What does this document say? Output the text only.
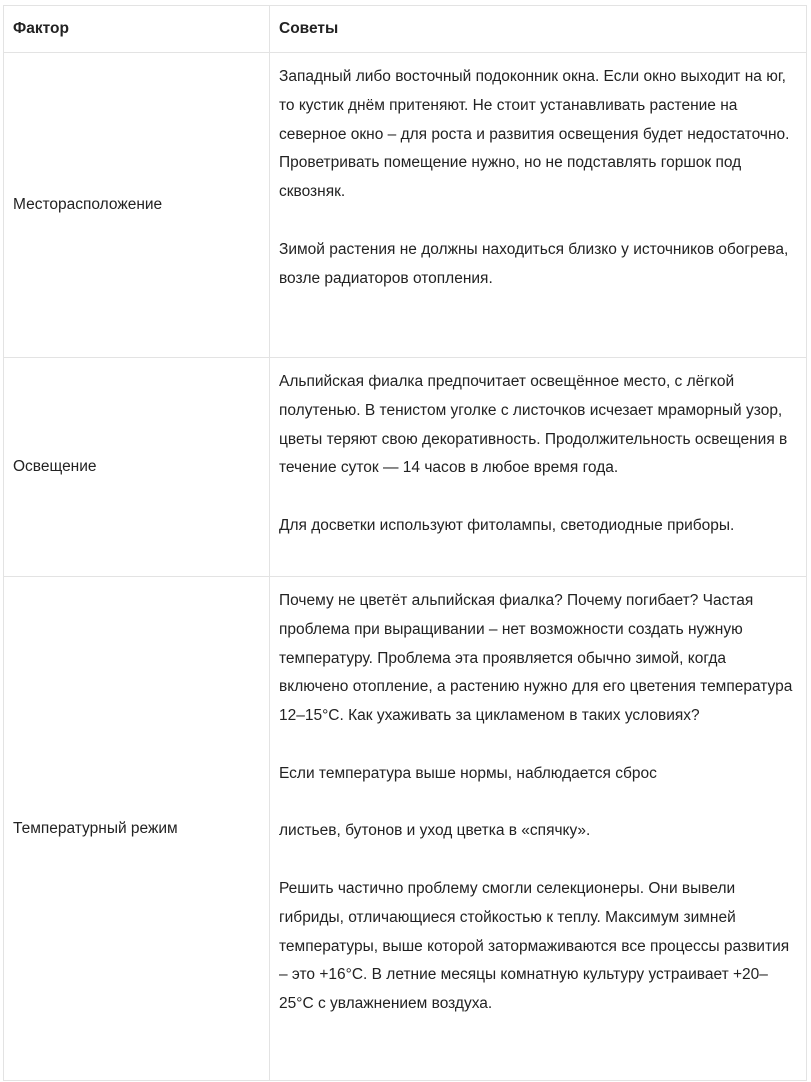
Фактор	Советы
Месторасположение

Западный либо восточный подоконник окна. Если окно выходит на юг, то кустик днём притеняют. Не стоит устанавливать растение на северное окно – для роста и развития освещения будет недостаточно.

Проветривать помещение нужно, но не подставлять горшок под сквозняк.

Зимой растения не должны находиться близко у источников обогрева, возле радиаторов отопления.

Освещение

Альпийская фиалка предпочитает освещённое место, с лёгкой полутенью. В тенистом уголке с листочков исчезает мраморный узор, цветы теряют свою декоративность. Продолжительность освещения в течение суток — 14 часов в любое время года.

Для досветки используют фитолампы, светодиодные приборы.

Температурный режим

Почему не цветёт альпийская фиалка? Почему погибает? Частая проблема при выращивании – нет возможности создать нужную температуру. Проблема эта проявляется обычно зимой, когда включено отопление, а растению нужно для его цветения температура 12–15°C. Как ухаживать за цикламеном в таких условиях?

Если температура выше нормы, наблюдается сброс

листьев, бутонов и уход цветка в «спячку».

Решить частично проблему смогли селекционеры. Они вывели гибриды, отличающиеся стойкостью к теплу. Максимум зимней температуры, выше которой затормаживаются все процессы развития – это +16°C. В летние месяцы комнатную культуру устраивает +20–25°C с увлажнением воздуха.
